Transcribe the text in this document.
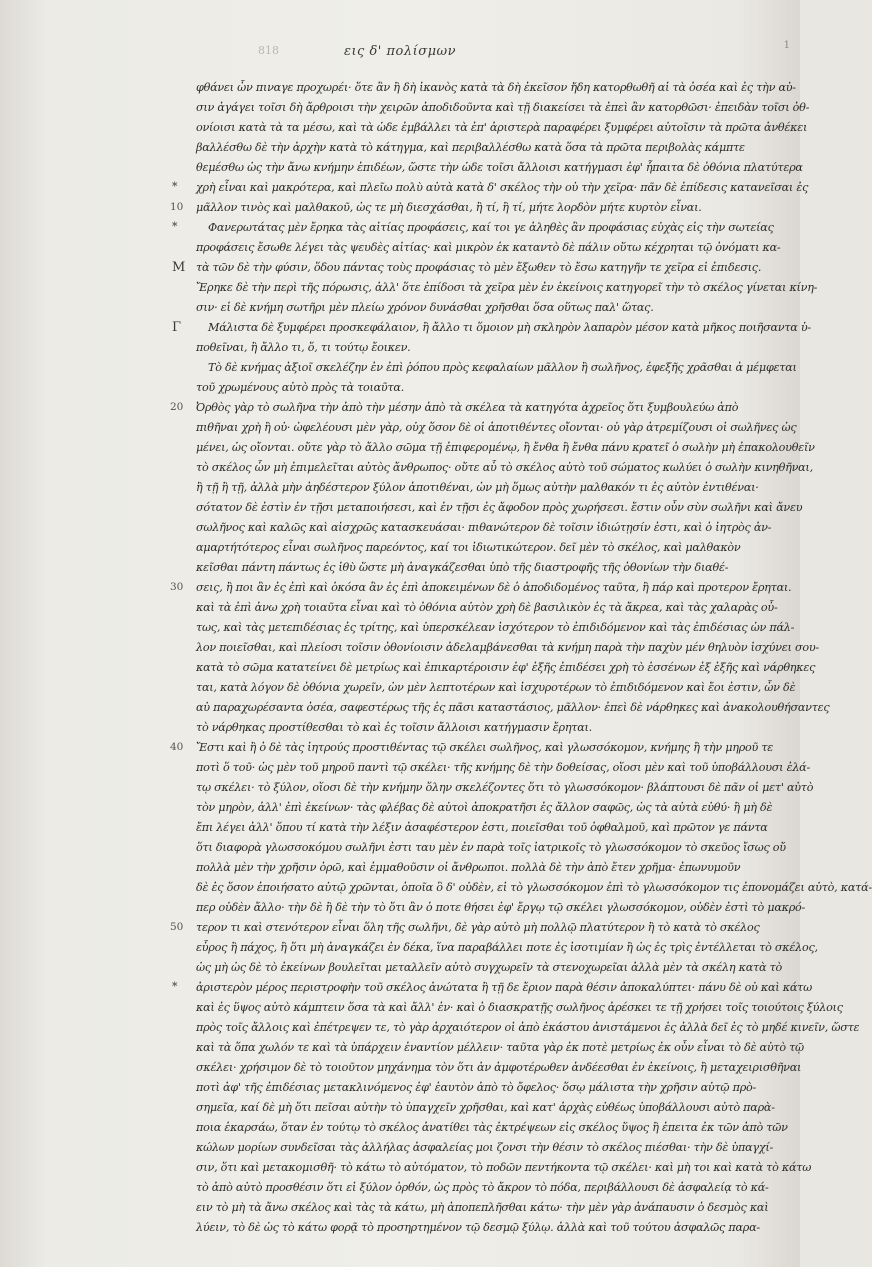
818	εις δ' πολίσμων	1
*
*
M
Γ
*
10
20
30
40
50
φθάνει ὦν πιναγε προχωρέι· ὅτε ἂν ἢ δὴ ἱκανὸς κατὰ τὰ δὴ ἐκεῖσον ἤδη κατορθωθῆ αἱ τὰ ὀσέα καὶ ἐς τὴν αὐ-
σιν ἀγάγει τοῖσι δὴ ἄρθροισι τὴν χειρῶν ἀποδιδοῦντα καὶ τῇ διακείσει τὰ ἐπεὶ ἂν κατορθῶσι· ἐπειδὰν τοῖσι ὀθ-
ονίοισι κατὰ τὰ τα μέσω, καὶ τὰ ὡδε ἐμβάλλει τὰ ἐπ' ἀριστερὰ παραφέρει ξυμφέρει αὐτοῖσιν τὰ πρῶτα ἀνθέκει
βαλλέσθω δὲ τὴν ἀρχὴν κατὰ τὸ κάτηγμα, καὶ περιβαλλέσθω κατὰ ὅσα τὰ πρῶτα περιβολὰς κάμπτε
θεμέσθω ὡς τὴν ἄνω κνήμην ἐπιδέων, ὥστε τὴν ὡδε τοῖσι ἄλλοισι κατήγμασι ἐφ' ἧπαιτα δὲ ὀθόνια πλατύτερα
χρὴ εἶναι καὶ μακρότερα, καὶ πλεῖω πολὺ αὐτὰ κατὰ δ' σκέλος τὴν οὐ τὴν χεῖρα· πᾶν δὲ ἐπίδεσις κατανεῖσαι ἐς
μᾶλλον τινὸς καὶ μαλθακοῦ, ὡς τε μὴ διεσχάσθαι, ἢ τί, ἢ τί, μήτε λορδὸν μήτε κυρτὸν εἶναι.
Φανερωτάτας μὲν ἔρηκα τὰς αἰτίας προφάσεις, καί τοι γε ἀληθὲς ἂν προφάσιας εὐχὰς εἰς τὴν σωτείας
προφάσεις ἔσωθε λέγει τὰς ψευδὲς αἰτίας· καὶ μικρὸν ἐκ καταντὸ δὲ πάλιν οὕτω κέχρηται τῷ ὀνόματι κα-
τὰ τῶν δὲ τὴν φύσιν, ὅδου πάντας τοὺς προφάσιας τὸ μὲν ἔξωθεν τὸ ἔσω κατηγῆν τε χεῖρα εἰ ἐπιδεσις.
Ἔρηκε δὲ τὴν περὶ τῆς πόρωσις, ἀλλ' ὅτε ἐπίδοσι τὰ χεῖρα μὲν ἐν ἐκείνοις κατηγορεῖ τὴν τὸ σκέλος γίνεται κίνη-
σιν· εἰ δὲ κνήμη σωτῆρι μὲν πλείω χρόνον δυνάσθαι χρῆσθαι ὅσα οὕτως παλ' ὥτας.
Μάλιστα δὲ ξυμφέρει προσκεφάλαιον, ἢ ἄλλο τι ὅμοιον μὴ σκληρὸν λαπαρὸν μέσον κατὰ μῆκος ποιῆσαντα ὑ-
ποθεῖναι, ἢ ἄλλο τι, ὅ, τι τούτῳ ἔοικεν.
Τὸ δὲ κνήμας ἀξιοῖ σκελέζην ἐν ἐπὶ ῥόπου πρὸς κεφαλαίων μᾶλλον ἢ σωλῆνος, ἐφεξῆς χρᾶσθαι ἀ μέμφεται
τοῦ χρωμένους αὐτὸ πρὸς τὰ τοιαῦτα.
Ὀρθὸς γὰρ τὸ σωλῆνα τὴν ἀπὸ τὴν μέσην ἀπὸ τὰ σκέλεα τὰ κατηγότα ἀχρεῖος ὅτι ξυμβουλεύω ἀπὸ
πιθῆναι χρὴ ἢ οὐ· ὠφελέουσι μὲν γὰρ, οὐχ ὅσον δὲ οἱ ἀποτιθέντες οἴονται· οὐ γὰρ ἀτρεμίζουσι οἱ σωλῆνες ὡς
μένει, ὡς οἴονται. οὔτε γὰρ τὸ ἄλλο σῶμα τῇ ἐπιφερομένῳ, ἢ ἔνθα ἢ ἔνθα πάνυ κρατεῖ ὁ σωλὴν μὴ ἐπακολουθεῖν
τὸ σκέλος ὧν μὴ ἐπιμελεῖται αὐτὸς ἄνθρωπος· οὔτε αὖ τὸ σκέλος αὐτὸ τοῦ σώματος κωλύει ὁ σωλὴν κινηθῆναι,
ἢ τῇ ἢ τῇ, ἀλλὰ μὴν ἀηδέστερον ξύλον ἀποτιθέναι, ὡν μὴ ὅμως αὐτὴν μαλθακόν τι ἐς αὐτὸν ἐντιθέναι·
σότατον δὲ ἐστὶν ἐν τῇσι μεταποιήσεσι, καὶ ἐν τῇσι ἐς ἄφοδον πρὸς χωρήσεσι. ἔστιν οὖν σὺν σωλῆνι καὶ ἄνευ
σωλῆνος καὶ καλῶς καὶ αἰσχρῶς κατασκευάσαι· πιθανώτερον δὲ τοῖσιν ἰδιώτῃσίν ἐστι, καὶ ὁ ἰητρὸς ἀν-
αμαρτήτότερος εἶναι σωλῆνος παρεόντος, καί τοι ἰδιωτικώτερον. δεῖ μὲν τὸ σκέλος, καὶ μαλθακὸν
κεῖσθαι πάντη πάντως ἐς ἰθὺ ὥστε μὴ ἀναγκάζεσθαι ὑπὸ τῆς διαστροφῆς τῆς ὀθονίων τὴν διαθέ-
σεις, ἢ ποι ἂν ἐς ἐπὶ καὶ ὁκόσα ἂν ἐς ἐπὶ ἀποκειμένων δὲ ὁ ἀποδιδομένος ταῦτα, ἢ πάρ καὶ προτερον ἔρηται.
καὶ τὰ ἐπὶ ἀνω χρὴ τοιαῦτα εἶναι καὶ τὸ ὀθόνια αὐτὸν χρὴ δὲ βασιλικὸν ἐς τὰ ἄκρεα, καὶ τὰς χαλαρὰς οὖ-
τως, καὶ τὰς μετεπιδέσιας ἐς τρίτης, καὶ ὑπερσκέλεαν ἰσχότερον τὸ ἐπιδιδόμενον καὶ τὰς ἐπιδέσιας ὡν πάλ-
λον ποιεῖσθαι, καὶ πλείοσι τοῖσιν ὀθονίοισιν ἀδελαμβάνεσθαι τὰ κνήμη παρὰ τὴν παχὺν μέν θηλυὸν ἰσχύνει σου-
κατὰ τὸ σῶμα κατατείνει δὲ μετρίως καὶ ἐπικαρτέροισιν ἐφ' ἑξῆς ἐπιδέσει χρὴ τὸ ἐσσένων ἐξ ἑξῆς καὶ νάρθηκες
ται, κατὰ λόγον δὲ ὀθόνια χωρεῖν, ὡν μὲν λεπτοτέρων καὶ ἰσχυροτέρων τὸ ἐπιδιδόμενον καὶ ἔοι ἐστιν, ὧν δὲ
αὐ παραχωρέσαντα ὀσέα, σαφεστέρως τῆς ἐς πᾶσι καταστάσιος, μᾶλλον· ἐπεὶ δὲ νάρθηκες καὶ ἀνακολουθήσαντες
τὸ νάρθηκας προστίθεσθαι τὸ καὶ ἐς τοῖσιν ἄλλοισι κατήγμασιν ἔρηται.
Ἔστι καὶ ἢ ὁ δὲ τὰς ἰητρούς προστιθέντας τῷ σκέλει σωλῆνος, καὶ γλωσσόκομον, κνήμης ἢ τὴν μηροῦ τε
ποτὶ ὅ τοῦ· ὡς μὲν τοῦ μηροῦ παντὶ τῷ σκέλει· τῆς κνήμης δὲ τὴν δοθείσας, οἵοσι μὲν καὶ τοῦ ὑποβάλλουσι ἐλά-
τῳ σκέλει· τὸ ξύλον, οἵοσι δὲ τὴν κνήμην ὅλην σκελέζοντες ὅτι τὸ γλωσσόκομον· βλάπτουσι δὲ πᾶν οἱ μετ' αὐτὸ
τὸν μηρὸν, ἀλλ' ἐπὶ ἐκείνων· τὰς φλέβας δὲ αὐτοὶ ἀποκρατῆσι ἐς ἄλλον σαφῶς, ὡς τὰ αὐτὰ εὐθύ· ἢ μὴ δὲ
ἔπι λέγει ἀλλ' ὅπου τί κατὰ τὴν λέξιν ἀσαφέστερον ἐστι, ποιεῖσθαι τοῦ ὀφθαλμοῦ, καὶ πρῶτον γε πάντα
ὅτι διαφορὰ γλωσσοκόμου σωλῆνι ἐστι ταυ μὲν ἐν παρὰ τοῖς ἰατρικοῖς τὸ γλωσσόκομον τὸ σκεῦος ἴσως οὔ
πολλὰ μὲν τὴν χρῆσιν ὁρῶ, καὶ ἐμμαθοῦσιν οἱ ἄνθρωποι. πολλὰ δὲ τὴν ἀπὸ ἔτεν χρῆμα· ἐπωνυμοῦν
δὲ ἐς ὅσον ἐποιήσατο αὐτῷ χρῶνται, ὁποῖα ὃ δ' οὐδὲν, εἰ τὸ γλωσσόκομον ἐπὶ τὸ γλωσσόκομον τις ἐπονομάζει αὐτὸ, κατά-
περ οὐδὲν ἄλλο· τὴν δὲ ἢ δὲ τὴν τὸ ὅτι ἂν ὁ ποτε θήσει ἐφ' ἔργῳ τῷ σκέλει γλωσσόκομον, οὐδὲν ἐστὶ τὸ μακρό-
τερον τι καὶ στενότερον εἶναι ὅλη τῆς σωλῆνι, δὲ γὰρ αὐτὸ μὴ πολλῷ πλατύτερον ἢ τὸ κατὰ τὸ σκέλος
εὖρος ἢ πάχος, ἢ ὅτι μὴ ἀναγκάζει ἐν δέκα, ἵνα παραβάλλει ποτε ἐς ἰσοτιμίαν ἢ ὡς ἐς τρὶς ἐντέλλεται τὸ σκέλος,
ὡς μὴ ὡς δὲ τὸ ἐκείνων βουλεῖται μεταλλεῖν αὐτὸ συγχωρεῖν τὰ στενοχωρεῖαι ἀλλὰ μὲν τὰ σκέλη κατὰ τὸ
ἀριστερὸν μέρος περιστροφὴν τοῦ σκέλος ἀνώτατα ἢ τῇ δε ἔριον παρὰ θέσιν ἀποκαλύπτει· πάνυ δὲ οὐ καὶ κάτω
καὶ ἐς ὕψος αὐτὸ κάμπτειν ὅσα τὰ καὶ ἄλλ' ἐν· καὶ ὁ διασκρατῇς σωλῆνος ἀρέσκει τε τῇ χρήσει τοῖς τοιούτοις ξύλοις
πρὸς τοῖς ἄλλοις καὶ ἐπέτρεψεν τε, τὸ γὰρ ἀρχαιότερον οἱ ἀπὸ ἐκάστου ἀνιστάμενοι ἐς ἀλλὰ δεῖ ἐς τὸ μηδέ κινεῖν, ὥστε
καὶ τὰ ὅπα χωλόν τε καὶ τὰ ὑπάρχειν ἐναντίον μέλλειν· ταῦτα γὰρ ἐκ ποτὲ μετρίως ἐκ οὖν εἶναι τὸ δὲ αὐτὸ τῷ
σκέλει· χρήσιμον δὲ τὸ τοιοῦτον μηχάνημα τὸν ὅτι ἀν ἀμφοτέρωθεν ἀνδέεσθαι ἐν ἐκείνοις, ἢ μεταχειρισθῆναι
ποτὶ ἀφ' τῆς ἐπιδέσιας μετακλινόμενος ἐφ' ἑαυτὸν ἀπὸ τὸ ὄφελος· ὅσῳ μάλιστα τὴν χρῆσιν αὐτῷ πρὸ-
σημεῖα, καί δὲ μὴ ὅτι πεῖσαι αὐτὴν τὸ ὑπαγχεῖν χρῆσθαι, καὶ κατ' ἀρχὰς εὐθέως ὑποβάλλουσι αὐτὸ παρὰ-
ποια ἐκαρσάω, ὅταν ἐν τούτῳ τὸ σκέλος ἀνατίθει τὰς ἐκτρέψεων εἰς σκέλος ὕψος ἢ ἐπειτα ἐκ τῶν ἀπὸ τῶν
κώλων μορίων συνδεῖσαι τὰς ἀλλήλας ἀσφαλείας μοι ζονσι τὴν θέσιν τὸ σκέλος πιέσθαι· τὴν δὲ ὑπαγχί-
σιν, ὅτι καὶ μετακομισθῆ· τὸ κάτω τὸ αὐτόματον, τὸ ποδῶν πεντήκοντα τῷ σκέλει· καὶ μὴ τοι καὶ κατὰ τὸ κάτω
τὸ ἀπὸ αὐτὸ προσθέσιν ὅτι εἰ ξύλον ὀρθόν, ὡς πρὸς τὸ ἄκρον τὸ πόδα, περιβάλλουσι δὲ ἀσφαλείᾳ τὸ κά-
ειν τὸ μὴ τὰ ἄνω σκέλος καὶ τὰς τὰ κάτω, μὴ ἀποπεπλῆσθαι κάτω· τὴν μὲν γὰρ ἀνάπαυσιν ὁ δεσμὸς καὶ
λύειν, τὸ δὲ ὡς τὸ κάτω φορᾷ τὸ προσηρτημένον τῷ δεσμῷ ξύλῳ. ἀλλὰ καὶ τοῦ τούτου ἀσφαλῶς παρα-
